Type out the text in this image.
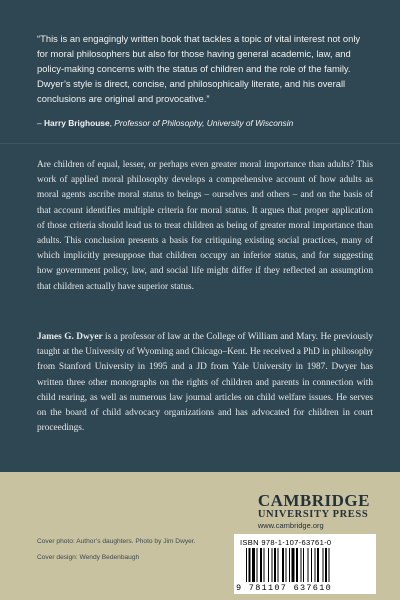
“This is an engagingly written book that tackles a topic of vital interest not only for moral philosophers but also for those having general academic, law, and policy-making concerns with the status of children and the role of the family. Dwyer’s style is direct, concise, and philosophically literate, and his overall conclusions are original and provocative.”

– Harry Brighouse, Professor of Philosophy, University of Wisconsin

Are children of equal, lesser, or perhaps even greater moral importance than adults? This work of applied moral philosophy develops a comprehensive account of how adults as moral agents ascribe moral status to beings – ourselves and others – and on the basis of that account identifies multiple criteria for moral status. It argues that proper application of those criteria should lead us to treat children as being of greater moral importance than adults. This conclusion presents a basis for critiquing existing social practices, many of which implicitly presuppose that children occupy an inferior status, and for suggesting how government policy, law, and social life might differ if they reflected an assumption that children actually have superior status.

James G. Dwyer is a professor of law at the College of William and Mary. He previously taught at the University of Wyoming and Chicago–Kent. He received a PhD in philosophy from Stanford University in 1995 and a JD from Yale University in 1987. Dwyer has written three other monographs on the rights of children and parents in connection with child rearing, as well as numerous law journal articles on child welfare issues. He serves on the board of child advocacy organizations and has advocated for children in court proceedings.

CAMBRIDGE
UNIVERSITY PRESS
www.cambridge.org
Cover photo: Author’s daughters. Photo by Jim Dwyer.
Cover design: Wendy Bedenbaugh
ISBN 978-1-107-63761-0
9 781107 637610
